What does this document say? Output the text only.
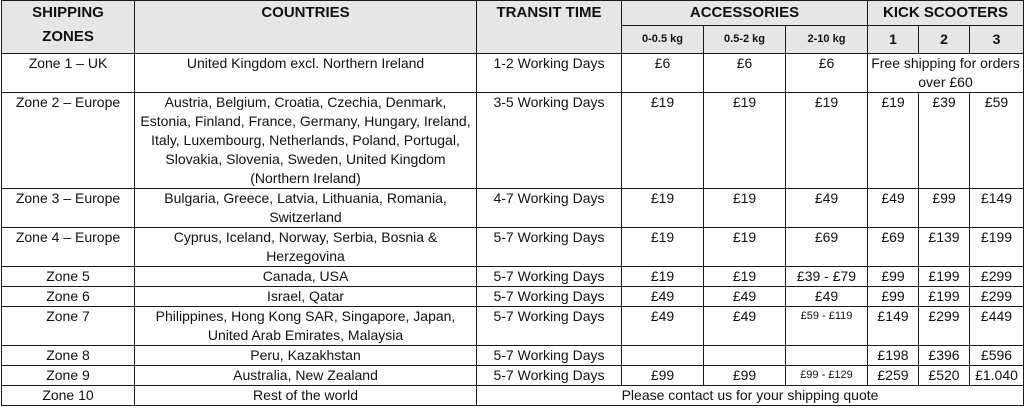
SHIPPING ZONES	COUNTRIES	TRANSIT TIME	ACCESSORIES			KICK SCOOTERS		
			0-0.5 kg	0.5-2 kg	2-10 kg	1	2	3
Zone 1 – UK	United Kingdom excl. Northern Ireland	1-2 Working Days	£6	£6	£6	Free shipping for orders over £60		
Zone 2 – Europe	Austria, Belgium, Croatia, Czechia, Denmark, Estonia, Finland, France, Germany, Hungary, Ireland, Italy, Luxembourg, Netherlands, Poland, Portugal, Slovakia, Slovenia, Sweden, United Kingdom (Northern Ireland)	3-5 Working Days	£19	£19	£19	£19	£39	£59
Zone 3 – Europe	Bulgaria, Greece, Latvia, Lithuania, Romania, Switzerland	4-7 Working Days	£19	£19	£49	£49	£99	£149
Zone 4 – Europe	Cyprus, Iceland, Norway, Serbia, Bosnia & Herzegovina	5-7 Working Days	£19	£19	£69	£69	£139	£199
Zone 5	Canada, USA	5-7 Working Days	£19	£19	£39 - £79	£99	£199	£299
Zone 6	Israel, Qatar	5-7 Working Days	£49	£49	£49	£99	£199	£299
Zone 7	Philippines, Hong Kong SAR, Singapore, Japan, United Arab Emirates, Malaysia	5-7 Working Days	£49	£49	£59 - £119	£149	£299	£449
Zone 8	Peru, Kazakhstan	5-7 Working Days				£198	£396	£596
Zone 9	Australia, New Zealand	5-7 Working Days	£99	£99	£99 - £129	£259	£520	£1.040
Zone 10	Rest of the world	Please contact us for your shipping quote						
